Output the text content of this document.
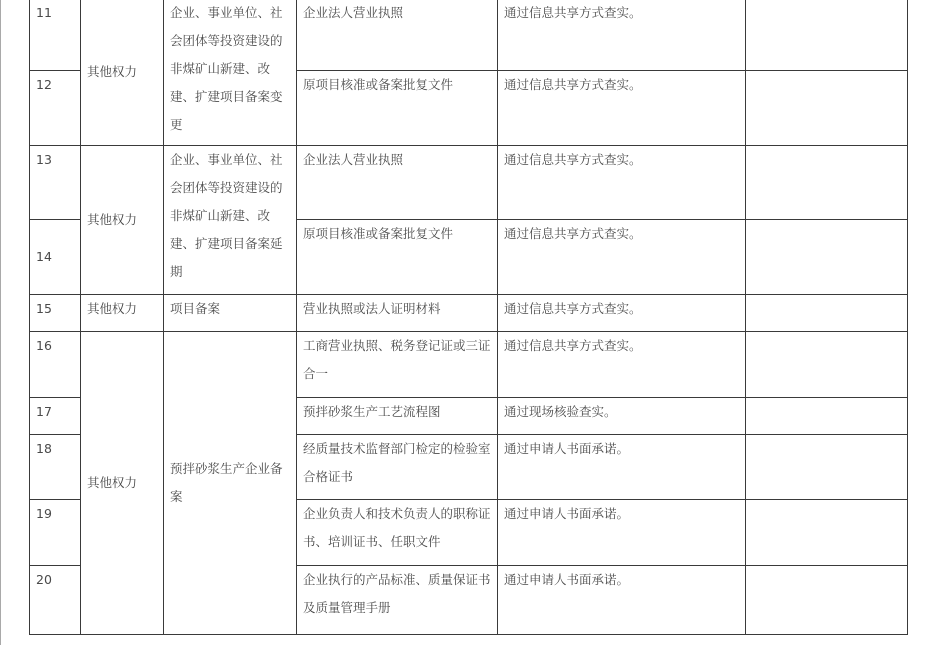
11	其他权力	企业、事业单位、社会团体等投资建设的非煤矿山新建、改建、扩建项目备案变更	企业法人营业执照	通过信息共享方式查实。	
12			原项目核准或备案批复文件	通过信息共享方式查实。	
13	其他权力	企业、事业单位、社会团体等投资建设的非煤矿山新建、改建、扩建项目备案延期	企业法人营业执照	通过信息共享方式查实。	
14			原项目核准或备案批复文件	通过信息共享方式查实。	
15	其他权力	项目备案	营业执照或法人证明材料	通过信息共享方式查实。	
16	其他权力	预拌砂浆生产企业备案	工商营业执照、税务登记证或三证合一	通过信息共享方式查实。	
17			预拌砂浆生产工艺流程图	通过现场核验查实。	
18			经质量技术监督部门检定的检验室合格证书	通过申请人书面承诺。	
19			企业负责人和技术负责人的职称证书、培训证书、任职文件	通过申请人书面承诺。	
20			企业执行的产品标准、质量保证书及质量管理手册	通过申请人书面承诺。	
